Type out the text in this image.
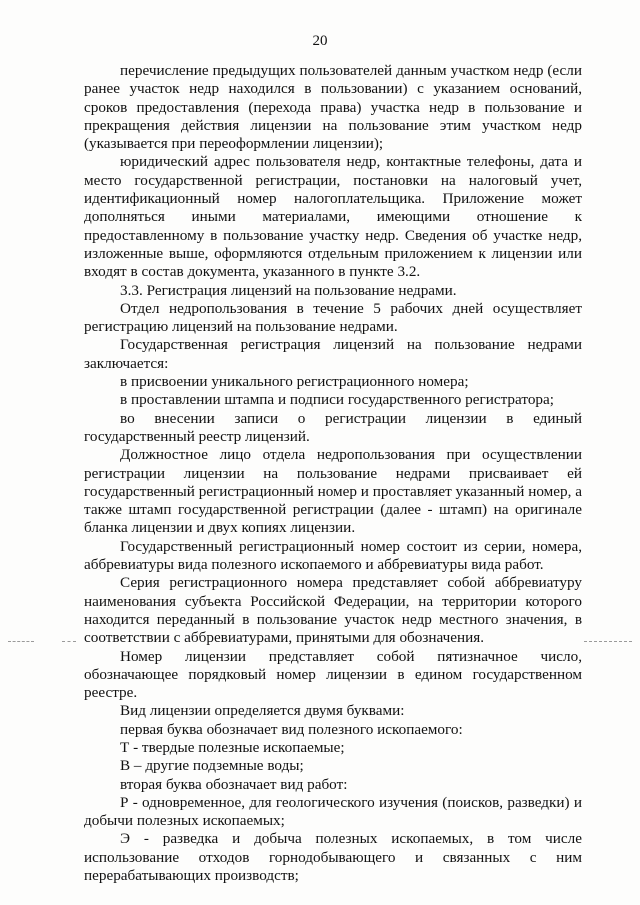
20

перечисление предыдущих пользователей данным участком недр (если ранее участок недр находился в пользовании) с указанием оснований, сроков предоставления (перехода права) участка недр в пользование и прекращения действия лицензии на пользование этим участком недр (указывается при переоформлении лицензии);

юридический адрес пользователя недр, контактные телефоны, дата и место государственной регистрации, постановки на налоговый учет, идентификационный номер налогоплательщика. Приложение может дополняться иными материалами, имеющими отношение к предоставленному в пользование участку недр. Сведения об участке недр, изложенные выше, оформляются отдельным приложением к лицензии или входят в состав документа, указанного в пункте 3.2.

3.3. Регистрация лицензий на пользование недрами.

Отдел недропользования в течение 5 рабочих дней осуществляет регистрацию лицензий на пользование недрами.

Государственная регистрация лицензий на пользование недрами заключается:

в присвоении уникального регистрационного номера;

в проставлении штампа и подписи государственного регистратора;

во внесении записи о регистрации лицензии в единый государственный реестр лицензий.

Должностное лицо отдела недропользования при осуществлении регистрации лицензии на пользование недрами присваивает ей государственный регистрационный номер и проставляет указанный номер, а также штамп государственной регистрации (далее - штамп) на оригинале бланка лицензии и двух копиях лицензии.

Государственный регистрационный номер состоит из серии, номера, аббревиатуры вида полезного ископаемого и аббревиатуры вида работ.

Серия регистрационного номера представляет собой аббревиатуру наименования субъекта Российской Федерации, на территории которого находится переданный в пользование участок недр местного значения, в соответствии с аббревиатурами, принятыми для обозначения.

Номер лицензии представляет собой пятизначное число, обозначающее порядковый номер лицензии в едином государственном реестре.

Вид лицензии определяется двумя буквами:

первая буква обозначает вид полезного ископаемого:

Т - твердые полезные ископаемые;

В – другие подземные воды;

вторая буква обозначает вид работ:

Р - одновременное, для геологического изучения (поисков, разведки) и добычи полезных ископаемых;

Э - разведка и добыча полезных ископаемых, в том числе использование отходов горнодобывающего и связанных с ним перерабатывающих производств;
